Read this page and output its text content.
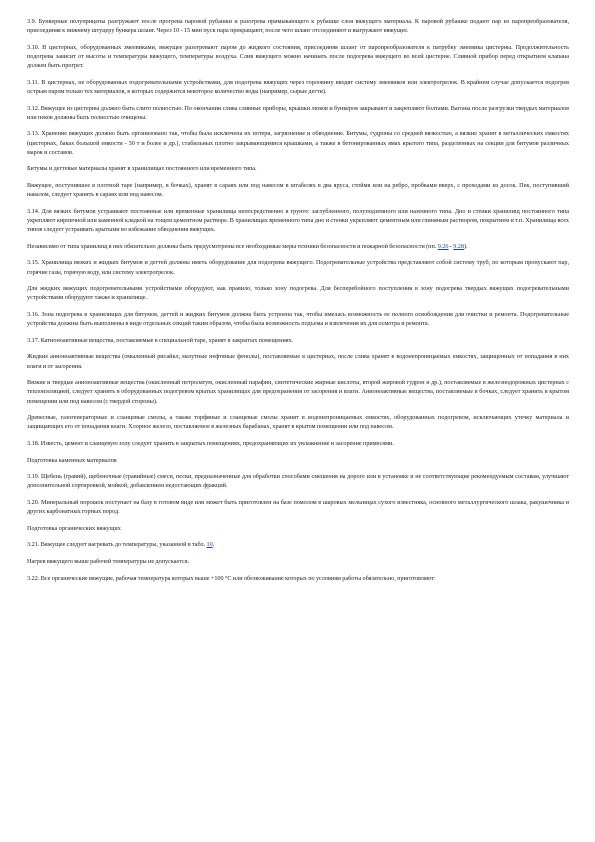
3.9. Бункерные полуприцепы разгружают после прогрева паровой рубашки и разогрева примыкающего к рубашке слоя вяжущего материала. К паровой рубашке подают пар из паропреобразователя, присоединяя к нижнему штуцеру бункера шланг. Через 10 - 15 мин пуск пара прекращают, после чего шланг отсоединяют и выгружают вяжущее.

3.10. В цистернах, оборудованных змеевиками, вяжущее разогревают паром до жидкого состояния, присоединяя шланг от паропреобразователя к патрубку змеевика цистерны. Продолжительность подогрева зависит от высоты и температуры вяжущего, температуры воздуха. Слив вяжущего можно начинать после подогрева вяжущего во всей цистерне. Сливной прибор перед открытием клапана должен быть прогрет.

3.11. В цистернах, не оборудованных подогревательными устройствами, для подогрева вяжущих через горловину вводят систему змеевиков или электрогрелок. В крайнем случае допускается подогрев острым паром только тех материалов, в которых содержится некоторое количество воды (например, сырые дегти).

3.12. Вяжущее из цистерны должно быть слито полностью. По окончании слива сливные приборы, крышки люков и бункеров закрывают и закрепляют болтами. Вагоны после разгрузки твердых материалов или пеков должны быть полностью очищены.

3.13. Хранение вяжущих должно быть организовано так, чтобы была исключена их потеря, загрязнение и обводнение. Битумы, гудроны со средней вязкостью, а вязкие хранят в металлических емкостях (цистернах, баках большой емкости - 30 т и более и др.), стабильных плотно закрывающимися крышками, а также в бетонированных ямах крытого типа, разделенных на секции для битумов различных марок и составов.

Битумы и дегтевые материалы хранят в хранилищах постоянного или временного типа.

Вяжущее, поступившее в плотной таре (например, в бочках), хранят в сараях или под навесом в штабелях в два яруса, стоймя или на ребро, пробками вверх, с проходами из досок. Пек, поступивший навалом, следует хранить в сараях или под навесом.

3.14. Для вязких битумов устраивают постоянные или временные хранилища непосредственно в грунте: заглубленного, полуподземного или наземного типа. Дно и стенки хранилищ постоянного типа укрепляют кирпичной или каменной кладкой на тощем цементном растворе. В хранилищах временного типа дно и стенки укрепляют цементным или глиняным раствором, покрытием и т.п. Хранилища всех типов следует устраивать крытыми во избежание обводнения вяжущих.

Независимо от типа хранилищ в них обязательно должны быть предусмотрены все необходимые меры техники безопасности и пожарной безопасности (пп. 9.26 - 9.28).

3.15. Хранилища вязких и жидких битумов и дегтей должны иметь оборудование для подогрева вяжущего. Подогревательные устройства представляют собой систему труб, по которым пропускают пар, горячие газы, горячую воду, или систему электрогрелок.

Для жидких вяжущих подогревательными устройствами оборудуют, как правило, только зону подогрева. Для бесперебойного поступления в зону подогрева твердых вяжущих подогревательными устройствами оборудуют также и хранилище.

3.16. Зона подогрева в хранилищах для битумов, дегтей и жидких битумов должна быть устроена так, чтобы имелась возможность ее полного освобождения для очистки и ремонта. Подогревательные устройства должны быть выполнены в виде отдельных секций таким образом, чтобы была возможность подъема и извлечения их для осмотра и ремонта.

3.17. Катионоактивные вещества, поставляемые в специальной таре, хранят в закрытых помещениях.

Жидкие анионоактивные вещества (омыленный рисайкл, мазутные нефтяные фенолы), поставляемые в цистернах, после слива хранят в водонепроницаемых емкостях, защищенных от попадания в них влаги и от засорения.

Вязкие и твердые анионоактивные вещества (окисленный петролатум, окисленный парафин, синтетические жирные кислоты, второй жировой гудрон и др.), поставляемые в железнодорожных цистернах с теплоизоляцией, следует хранить в оборудованных подогревом крытых хранилищах для предохранения от засорения и влаги. Анионоактивные вещества, поставляемые в бочках, следует хранить в крытом помещении или под навесом (с твердой стороны).

Древесные, газогенераторные и сланцевые смолы, а также торфяные и сланцевые смолы хранят в водонепроницаемых емкостях, оборудованных подогревом, исключающих утечку материала и защищающих его от попадания влаги. Хлорное железо, поставляемое в железных барабанах, хранят в крытом помещении или под навесом.

3.18. Известь, цемент и сланцевую золу следует хранить в закрытых помещениях, предохраняющих их увлажнение и засорение примесями.

Подготовка каменных материалов

3.19. Щебень (гравий), щебеночные (гравийные) смеси, пески, предназначенные для обработки способами смешения на дороге или в установке и не соответствующие рекомендуемым составам, улучшают дополнительной сортировкой, мойкой, добавлением недостающих фракций.

3.20. Минеральный порошок поступает на базу в готовом виде или может быть приготовлен на базе помолом в шаровых мельницах сухого известняка, основного металлургического шлака, ракушечника и других карбонатных горных пород.

Подготовка органических вяжущих

3.21. Вяжущее следует нагревать до температуры, указанной в табл. 10.

Нагрев вяжущего выше рабочей температуры не допускается.

3.22. Все органические вяжущие, рабочая температура которых выше +100 °С или обезвоживание которых по условиям работы обязательно, приготовляют:
